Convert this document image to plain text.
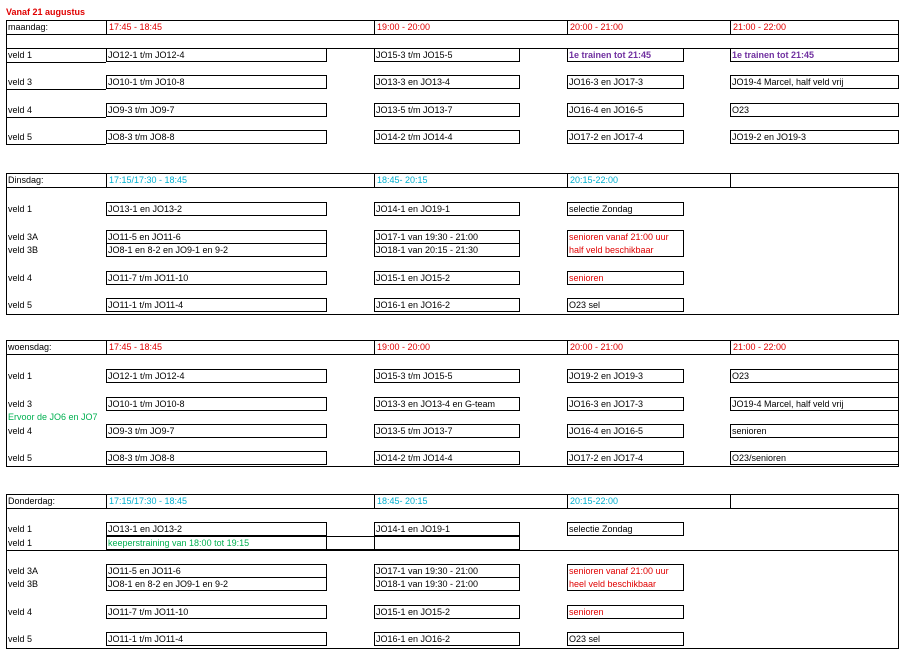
Vanaf 21 augustus
maandag:	17:45 - 18:45	19:00 - 20:00	20:00 - 21:00	21:00 - 22:00
veld 1	JO12-1 t/m JO12-4	JO15-3 t/m JO15-5	1e trainen tot 21:45	1e trainen tot 21:45
veld 3	JO10-1 t/m JO10-8	JO13-3 en JO13-4	JO16-3 en JO17-3	JO19-4 Marcel, half veld vrij
veld 4	JO9-3 t/m JO9-7	JO13-5 t/m JO13-7	JO16-4 en JO16-5	O23
veld 5	JO8-3 t/m JO8-8	JO14-2 t/m JO14-4	JO17-2 en JO17-4	JO19-2 en JO19-3
Dinsdag:	17:15/17:30 - 18:45	18:45- 20:15	20:15-22:00
veld 1	JO13-1 en JO13-2	JO14-1 en JO19-1	selectie Zondag
veld 3A	JO11-5 en JO11-6	JO17-1 van 19:30 - 21:00	senioren vanaf 21:00 uur
veld 3B	JO8-1 en 8-2 en JO9-1 en 9-2	JO18-1 van 20:15 - 21:30	half veld beschikbaar
veld 4	JO11-7 t/m JO11-10	JO15-1 en JO15-2	senioren
veld 5	JO11-1 t/m JO11-4	JO16-1 en JO16-2	O23 sel
woensdag:	17:45 - 18:45	19:00 - 20:00	20:00 - 21:00	21:00 - 22:00
veld 1	JO12-1 t/m JO12-4	JO15-3 t/m JO15-5	JO19-2 en JO19-3	O23
veld 3	JO10-1 t/m JO10-8	JO13-3 en JO13-4 en G-team	JO16-3 en JO17-3	JO19-4 Marcel, half veld vrij
Ervoor de JO6 en JO7
veld 4	JO9-3 t/m JO9-7	JO13-5 t/m JO13-7	JO16-4 en JO16-5	senioren
veld 5	JO8-3 t/m JO8-8	JO14-2 t/m JO14-4	JO17-2 en JO17-4	O23/senioren
Donderdag:	17:15/17:30 - 18:45	18:45- 20:15	20:15-22:00
veld 1	JO13-1 en JO13-2	JO14-1 en JO19-1	selectie Zondag
veld 1	keeperstraining van 18:00 tot 19:15
veld 3A	JO11-5 en JO11-6	JO17-1 van 19:30 - 21:00	senioren vanaf 21:00 uur
veld 3B	JO8-1 en 8-2 en JO9-1 en 9-2	JO18-1 van 19:30 - 21:00	heel veld beschikbaar
veld 4	JO11-7 t/m JO11-10	JO15-1 en JO15-2	senioren
veld 5	JO11-1 t/m JO11-4	JO16-1 en JO16-2	O23 sel
